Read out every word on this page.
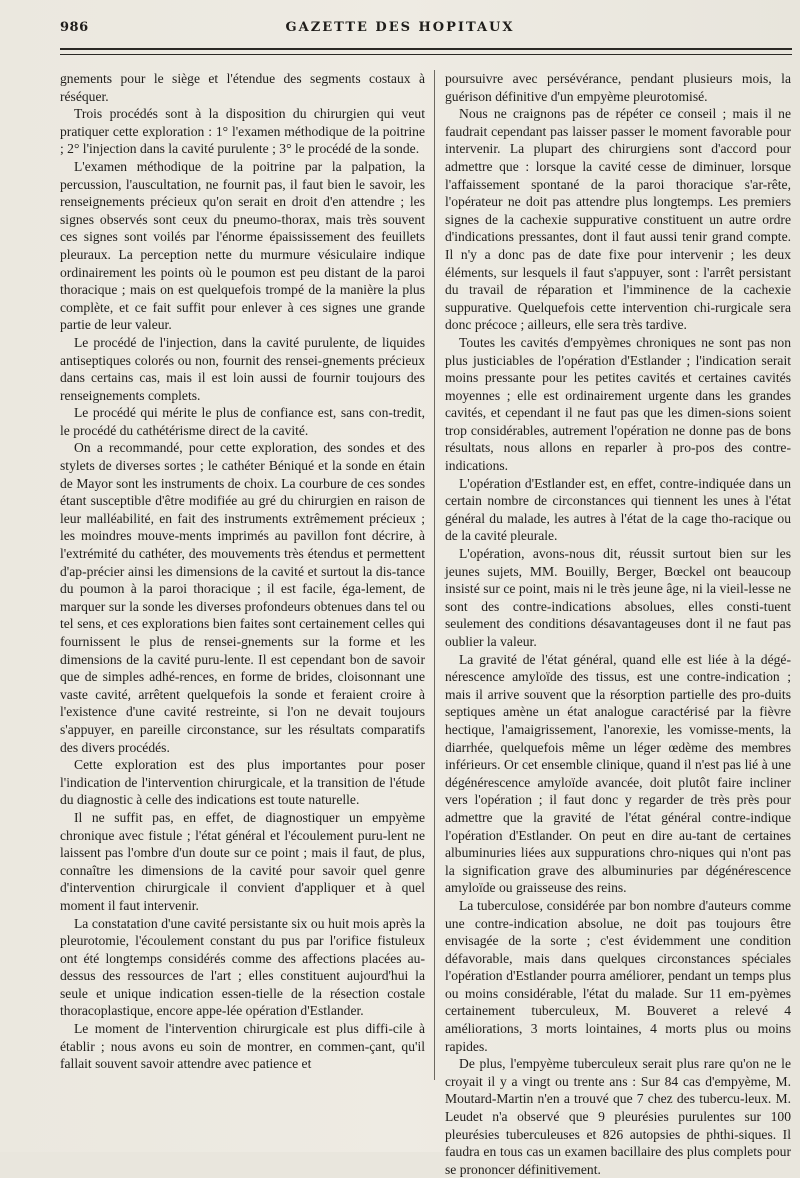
986	GAZETTE DES HOPITAUX

gnements pour le siège et l'étendue des segments costaux à réséquer.

Trois procédés sont à la disposition du chirurgien qui veut pratiquer cette exploration : 1° l'examen méthodique de la poitrine ; 2° l'injection dans la cavité purulente ; 3° le procédé de la sonde.

L'examen méthodique de la poitrine par la palpation, la percussion, l'auscultation, ne fournit pas, il faut bien le savoir, les renseignements précieux qu'on serait en droit d'en attendre ; les signes observés sont ceux du pneumo-thorax, mais très souvent ces signes sont voilés par l'énorme épaississement des feuillets pleuraux. La perception nette du murmure vésiculaire indique ordinairement les points où le poumon est peu distant de la paroi thoracique ; mais on est quelquefois trompé de la manière la plus complète, et ce fait suffit pour enlever à ces signes une grande partie de leur valeur.

Le procédé de l'injection, dans la cavité purulente, de liquides antiseptiques colorés ou non, fournit des rensei-gnements précieux dans certains cas, mais il est loin aussi de fournir toujours des renseignements complets.

Le procédé qui mérite le plus de confiance est, sans con-tredit, le procédé du cathétérisme direct de la cavité.

On a recommandé, pour cette exploration, des sondes et des stylets de diverses sortes ; le cathéter Béniqué et la sonde en étain de Mayor sont les instruments de choix. La courbure de ces sondes étant susceptible d'être modifiée au gré du chirurgien en raison de leur malléabilité, en fait des instruments extrêmement précieux ; les moindres mouve-ments imprimés au pavillon font décrire, à l'extrémité du cathéter, des mouvements très étendus et permettent d'ap-précier ainsi les dimensions de la cavité et surtout la dis-tance du poumon à la paroi thoracique ; il est facile, éga-lement, de marquer sur la sonde les diverses profondeurs obtenues dans tel ou tel sens, et ces explorations bien faites sont certainement celles qui fournissent le plus de rensei-gnements sur la forme et les dimensions de la cavité puru-lente. Il est cependant bon de savoir que de simples adhé-rences, en forme de brides, cloisonnant une vaste cavité, arrêtent quelquefois la sonde et feraient croire à l'existence d'une cavité restreinte, si l'on ne devait toujours s'appuyer, en pareille circonstance, sur les résultats comparatifs des divers procédés.

Cette exploration est des plus importantes pour poser l'indication de l'intervention chirurgicale, et la transition de l'étude du diagnostic à celle des indications est toute naturelle.

Il ne suffit pas, en effet, de diagnostiquer un empyème chronique avec fistule ; l'état général et l'écoulement puru-lent ne laissent pas l'ombre d'un doute sur ce point ; mais il faut, de plus, connaître les dimensions de la cavité pour savoir quel genre d'intervention chirurgicale il convient d'appliquer et à quel moment il faut intervenir.

La constatation d'une cavité persistante six ou huit mois après la pleurotomie, l'écoulement constant du pus par l'orifice fistuleux ont été longtemps considérés comme des affections placées au-dessus des ressources de l'art ; elles constituent aujourd'hui la seule et unique indication essen-tielle de la résection costale thoracoplastique, encore appe-lée opération d'Estlander.

Le moment de l'intervention chirurgicale est plus diffi-cile à établir ; nous avons eu soin de montrer, en commen-çant, qu'il fallait souvent savoir attendre avec patience et

poursuivre avec persévérance, pendant plusieurs mois, la guérison définitive d'un empyème pleurotomisé.

Nous ne craignons pas de répéter ce conseil ; mais il ne faudrait cependant pas laisser passer le moment favorable pour intervenir. La plupart des chirurgiens sont d'accord pour admettre que : lorsque la cavité cesse de diminuer, lorsque l'affaissement spontané de la paroi thoracique s'ar-rête, l'opérateur ne doit pas attendre plus longtemps. Les premiers signes de la cachexie suppurative constituent un autre ordre d'indications pressantes, dont il faut aussi tenir grand compte. Il n'y a donc pas de date fixe pour intervenir ; les deux éléments, sur lesquels il faut s'appuyer, sont : l'arrêt persistant du travail de réparation et l'imminence de la cachexie suppurative. Quelquefois cette intervention chi-rurgicale sera donc précoce ; ailleurs, elle sera très tardive.

Toutes les cavités d'empyèmes chroniques ne sont pas non plus justiciables de l'opération d'Estlander ; l'indication serait moins pressante pour les petites cavités et certaines cavités moyennes ; elle est ordinairement urgente dans les grandes cavités, et cependant il ne faut pas que les dimen-sions soient trop considérables, autrement l'opération ne donne pas de bons résultats, nous allons en reparler à pro-pos des contre-indications.

L'opération d'Estlander est, en effet, contre-indiquée dans un certain nombre de circonstances qui tiennent les unes à l'état général du malade, les autres à l'état de la cage tho-racique ou de la cavité pleurale.

L'opération, avons-nous dit, réussit surtout bien sur les jeunes sujets, MM. Bouilly, Berger, Bœckel ont beaucoup insisté sur ce point, mais ni le très jeune âge, ni la vieil-lesse ne sont des contre-indications absolues, elles consti-tuent seulement des conditions désavantageuses dont il ne faut pas oublier la valeur.

La gravité de l'état général, quand elle est liée à la dégé-nérescence amyloïde des tissus, est une contre-indication ; mais il arrive souvent que la résorption partielle des pro-duits septiques amène un état analogue caractérisé par la fièvre hectique, l'amaigrissement, l'anorexie, les vomisse-ments, la diarrhée, quelquefois même un léger œdème des membres inférieurs. Or cet ensemble clinique, quand il n'est pas lié à une dégénérescence amyloïde avancée, doit plutôt faire incliner vers l'opération ; il faut donc y regarder de très près pour admettre que la gravité de l'état général contre-indique l'opération d'Estlander. On peut en dire au-tant de certaines albuminuries liées aux suppurations chro-niques qui n'ont pas la signification grave des albuminuries par dégénérescence amyloïde ou graisseuse des reins.

La tuberculose, considérée par bon nombre d'auteurs comme une contre-indication absolue, ne doit pas toujours être envisagée de la sorte ; c'est évidemment une condition défavorable, mais dans quelques circonstances spéciales l'opération d'Estlander pourra améliorer, pendant un temps plus ou moins considérable, l'état du malade. Sur 11 em-pyèmes certainement tuberculeux, M. Bouveret a relevé 4 améliorations, 3 morts lointaines, 4 morts plus ou moins rapides.

De plus, l'empyème tuberculeux serait plus rare qu'on ne le croyait il y a vingt ou trente ans : Sur 84 cas d'empyème, M. Moutard-Martin n'en a trouvé que 7 chez des tubercu-leux. M. Leudet n'a observé que 9 pleurésies purulentes sur 100 pleurésies tuberculeuses et 826 autopsies de phthi-siques. Il faudra en tous cas un examen bacillaire des plus complets pour se prononcer définitivement.
